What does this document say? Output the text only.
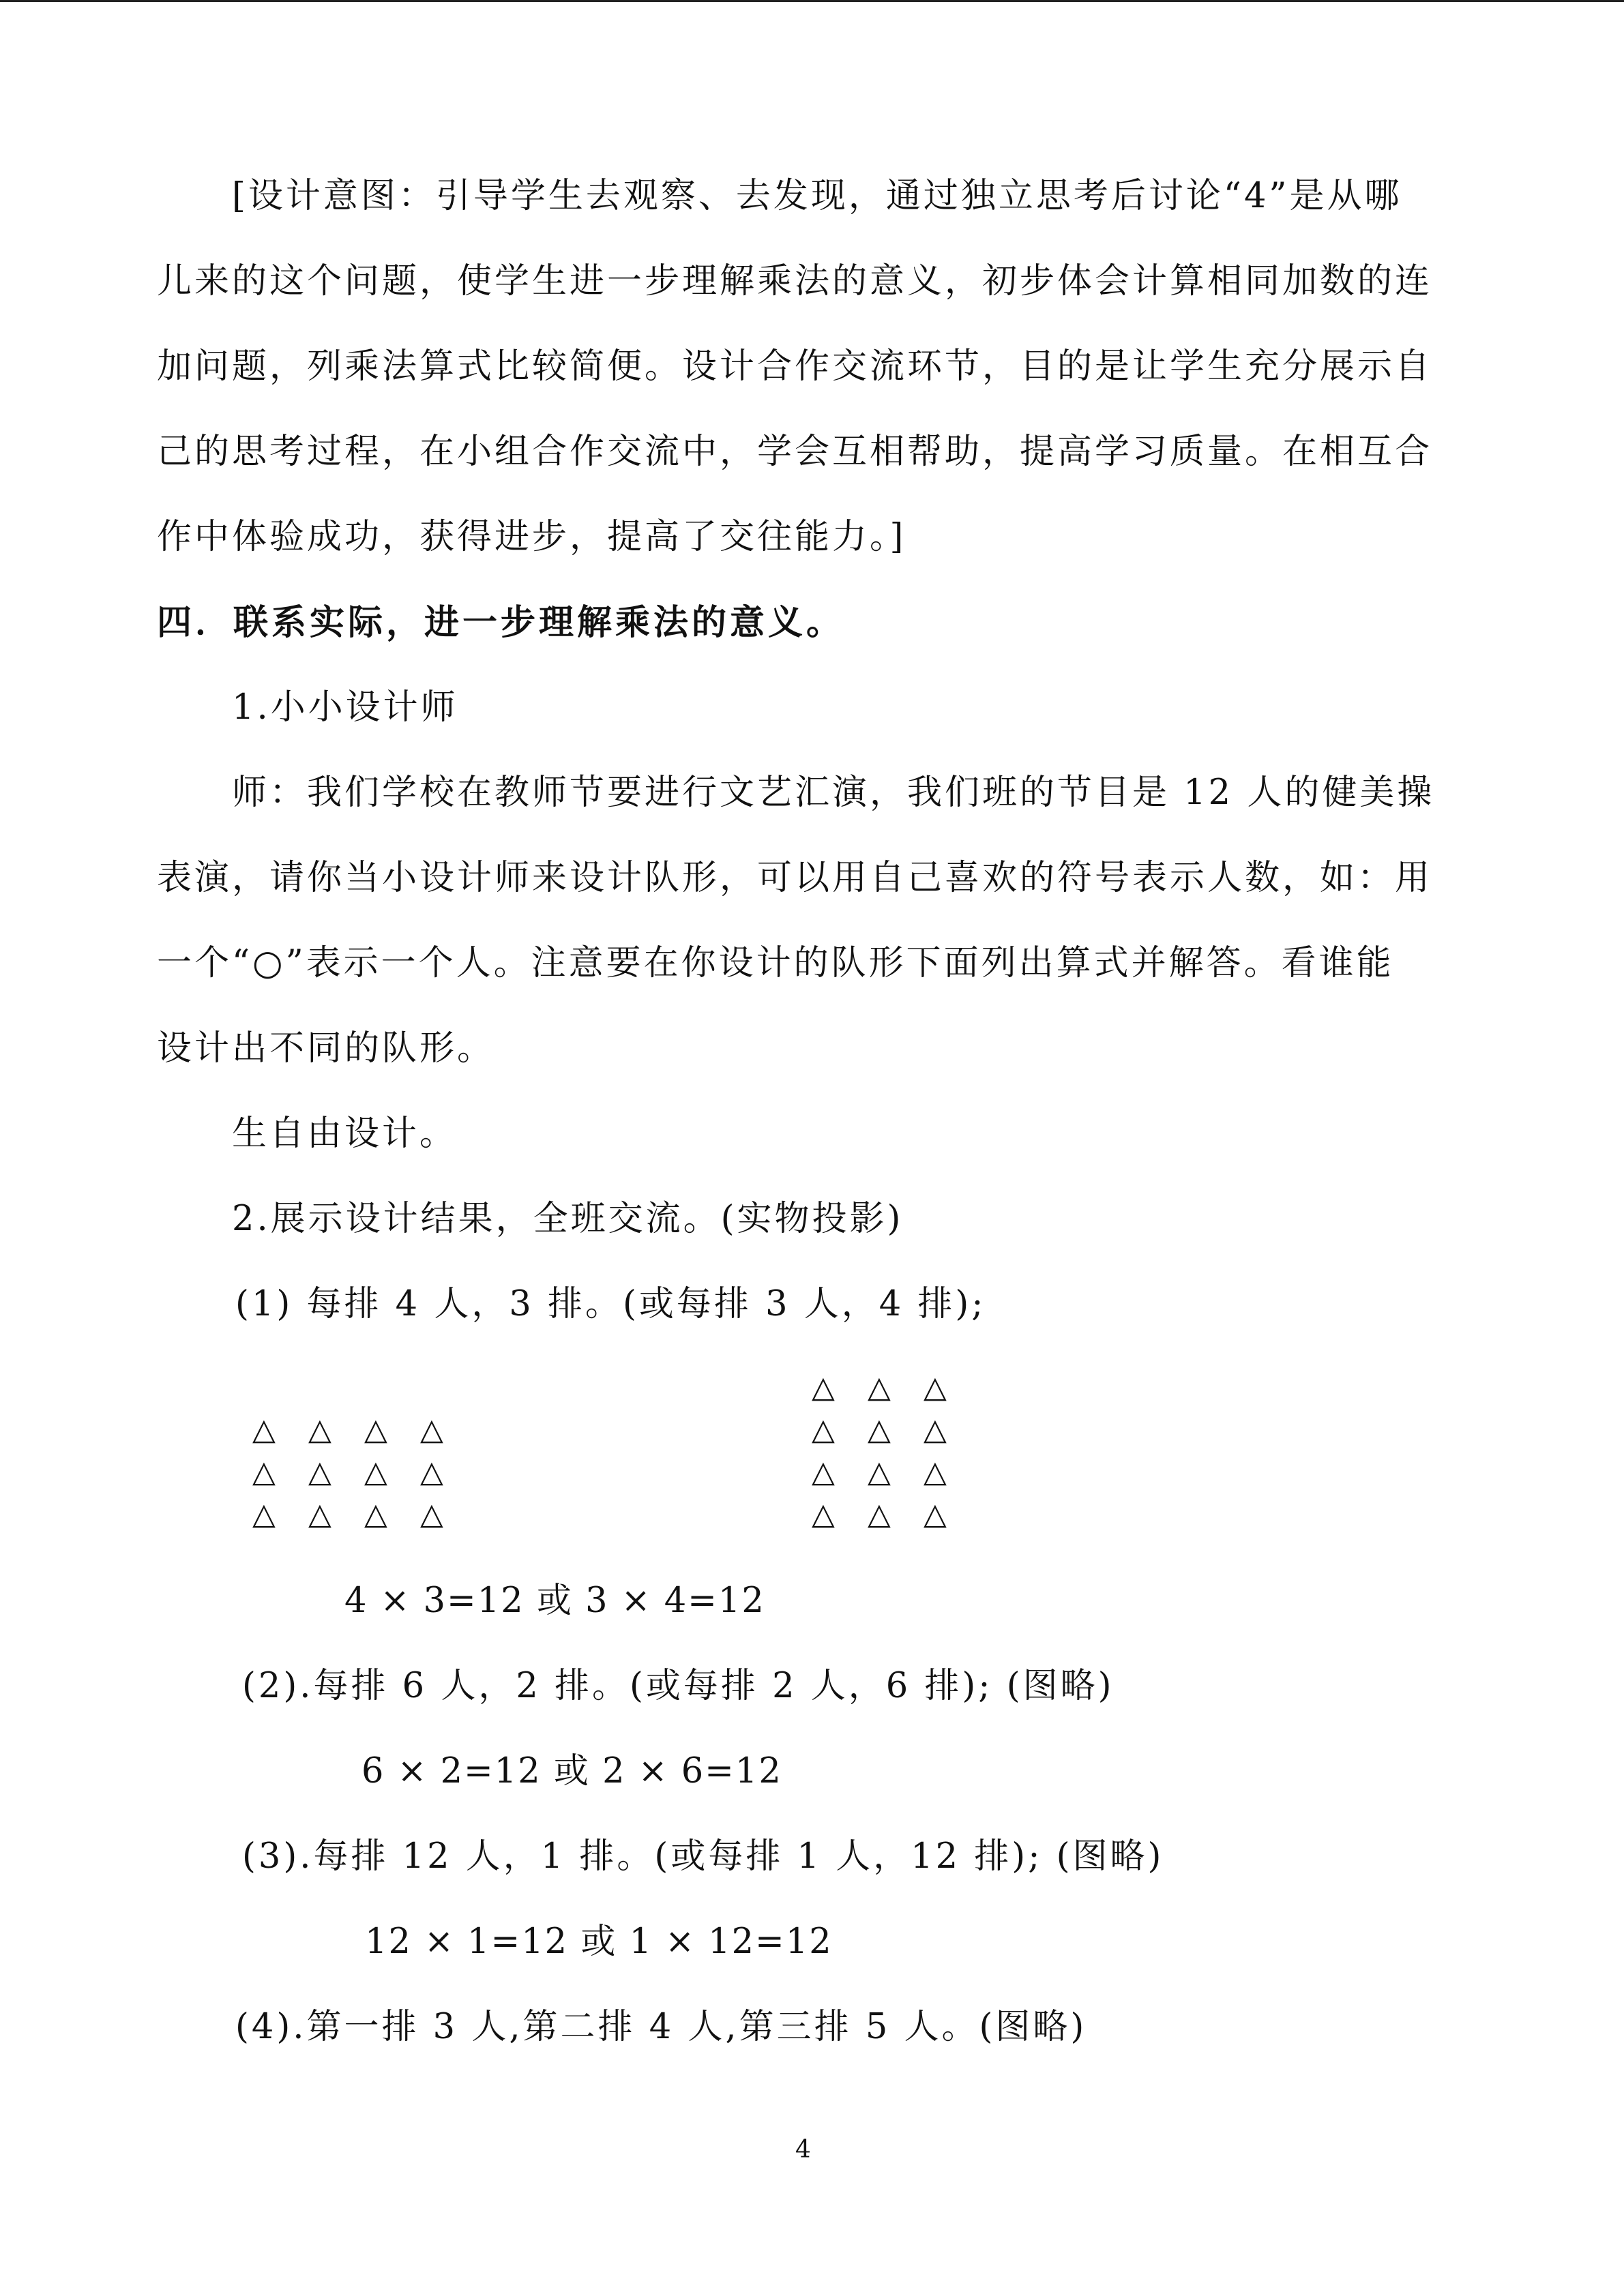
[设计意图：引导学生去观察、去发现，通过独立思考后讨论“4”是从哪
儿来的这个问题，使学生进一步理解乘法的意义，初步体会计算相同加数的连
加问题，列乘法算式比较简便。设计合作交流环节，目的是让学生充分展示自
己的思考过程，在小组合作交流中，学会互相帮助，提高学习质量。在相互合
作中体验成功，获得进步，提高了交往能力。]
四．联系实际，进一步理解乘法的意义。
1.小小设计师
师：我们学校在教师节要进行文艺汇演，我们班的节目是 12 人的健美操
表演，请你当小设计师来设计队形，可以用自己喜欢的符号表示人数，如：用
一个“○”表示一个人。注意要在你设计的队形下面列出算式并解答。看谁能
设计出不同的队形。
生自由设计。
2.展示设计结果，全班交流。(实物投影)
(1) 每排 4 人，3 排。(或每排 3 人，4 排);
△ △ △ △
△ △ △ △
△ △ △ △
△ △ △
△ △ △
△ △ △
△ △ △
4 × 3=12 或 3 × 4=12
(2).每排 6 人，2 排。(或每排 2 人，6 排); (图略)
6 × 2=12 或 2 × 6=12
(3).每排 12 人，1 排。(或每排 1 人，12 排); (图略)
12 × 1=12 或 1 × 12=12
(4).第一排 3 人,第二排 4 人,第三排 5 人。(图略)
4
